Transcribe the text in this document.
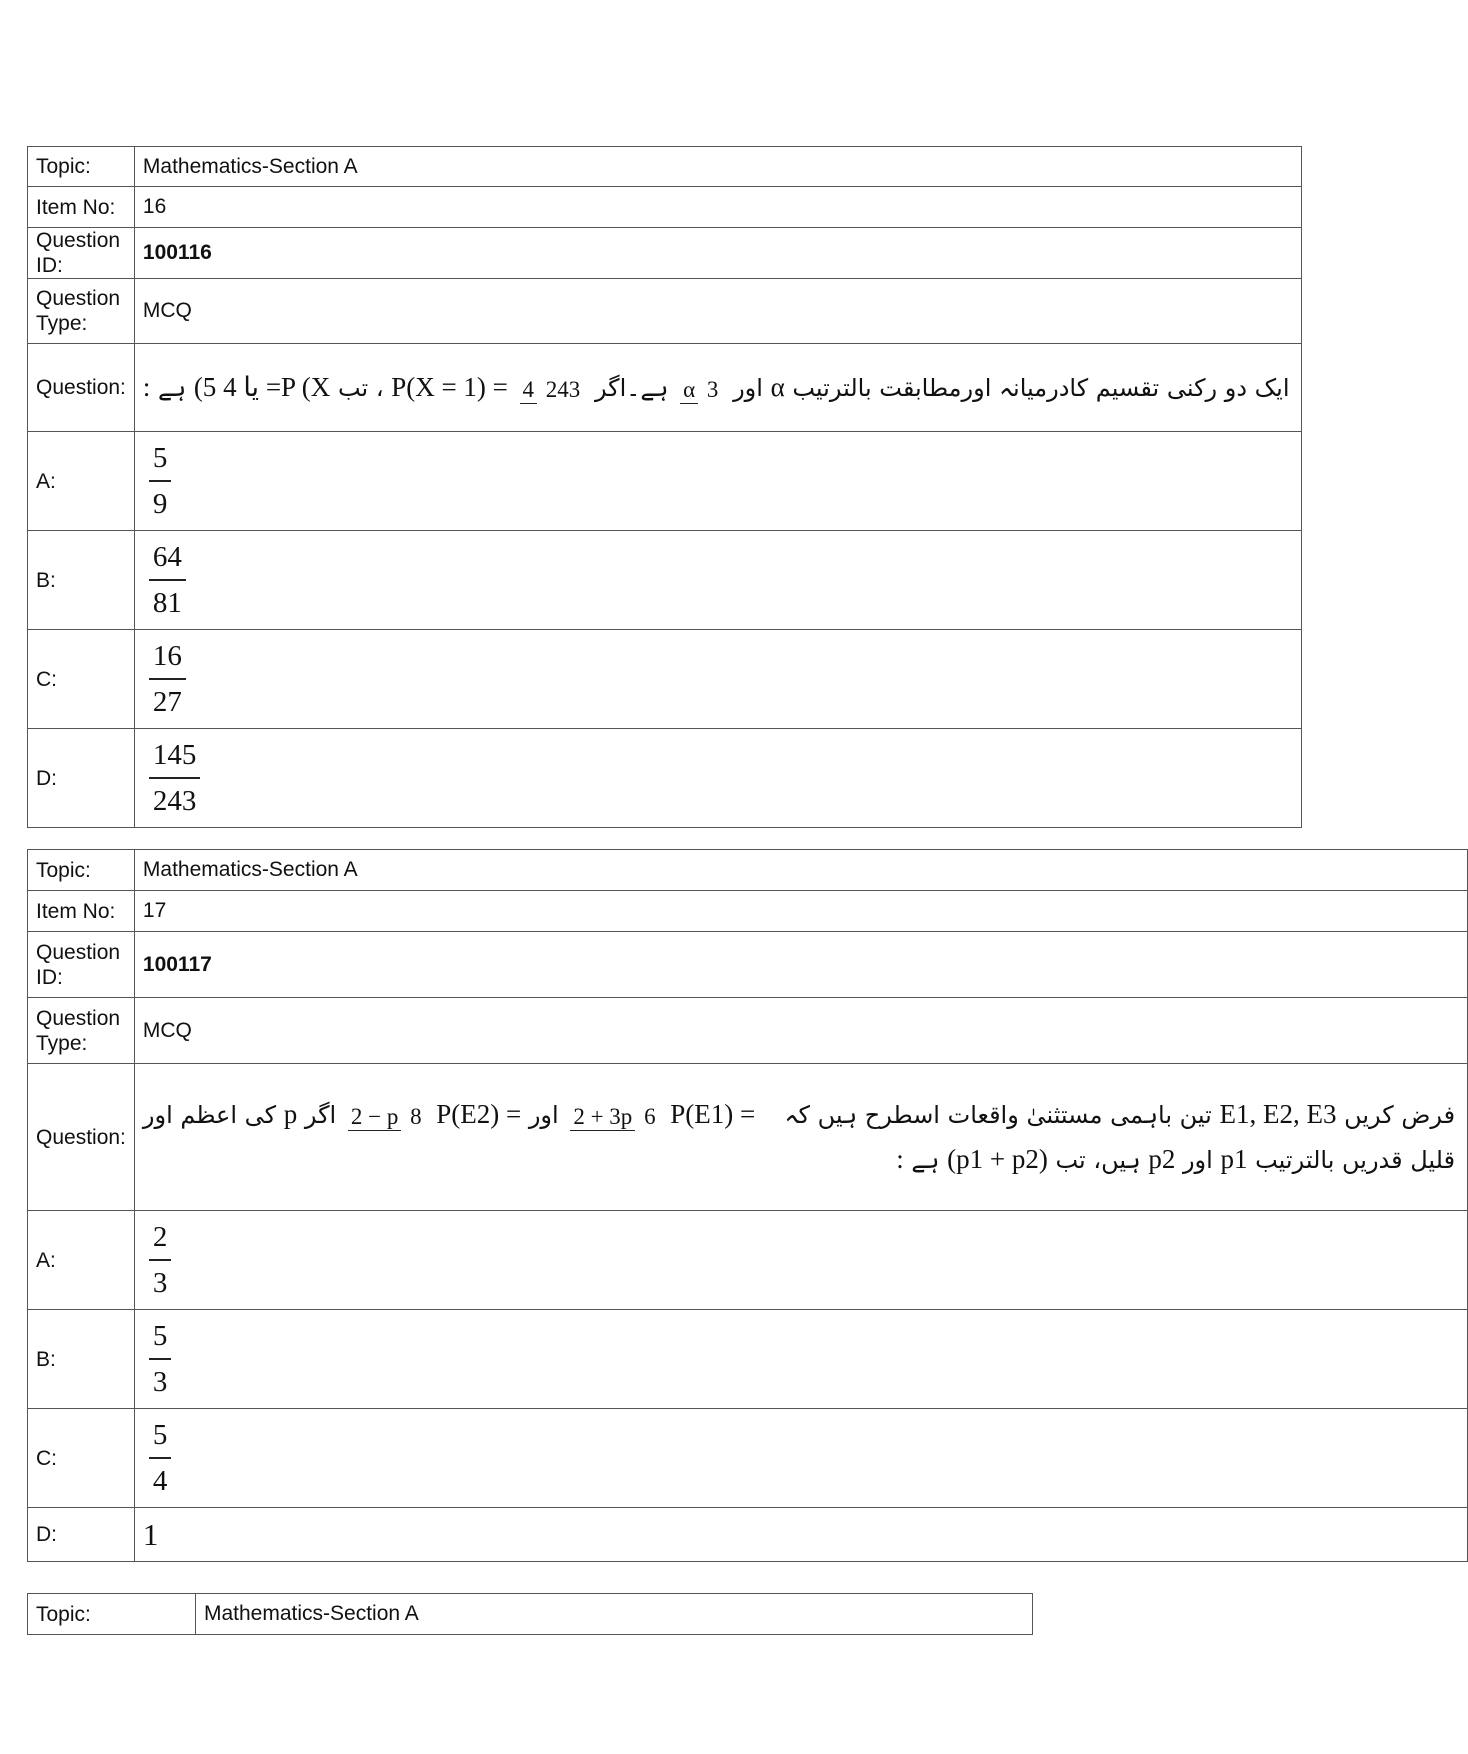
Topic:	Mathematics-Section A
Item No:	16
Question ID:	100116
Question Type:	MCQ
Question:	ایک دو رکنی تقسیم کادرمیانہ اورمطابقت بالترتیب α اور α 3 ہے۔اگر 4 243 P(X = 1) = ، تب (5 یا 4 =P (X ہے :

A:	$\frac{5}{9}$

B:	$\frac{64}{81}$

C:	$\frac{16}{27}$

D:	$\frac{145}{243}$
Topic:	Mathematics-Section A
Item No:	17
Question ID:	100117
Question Type:	MCQ
Question:	فرض کریں E1, E2, E3 تین باہمی مستثنیٰ واقعات اسطرح ہیں کہ  P(E1) = 2 + 3p 6 اور P(E2) = 2 − p 8 اگر p کی اعظم اور
قلیل قدریں بالترتیب p1 اور p2 ہیں، تب (p1 + p2) ہے :

A:	$\frac{2}{3}$

B:	$\frac{5}{3}$

C:	$\frac{5}{4}$

D:	1
Topic:	Mathematics-Section A
